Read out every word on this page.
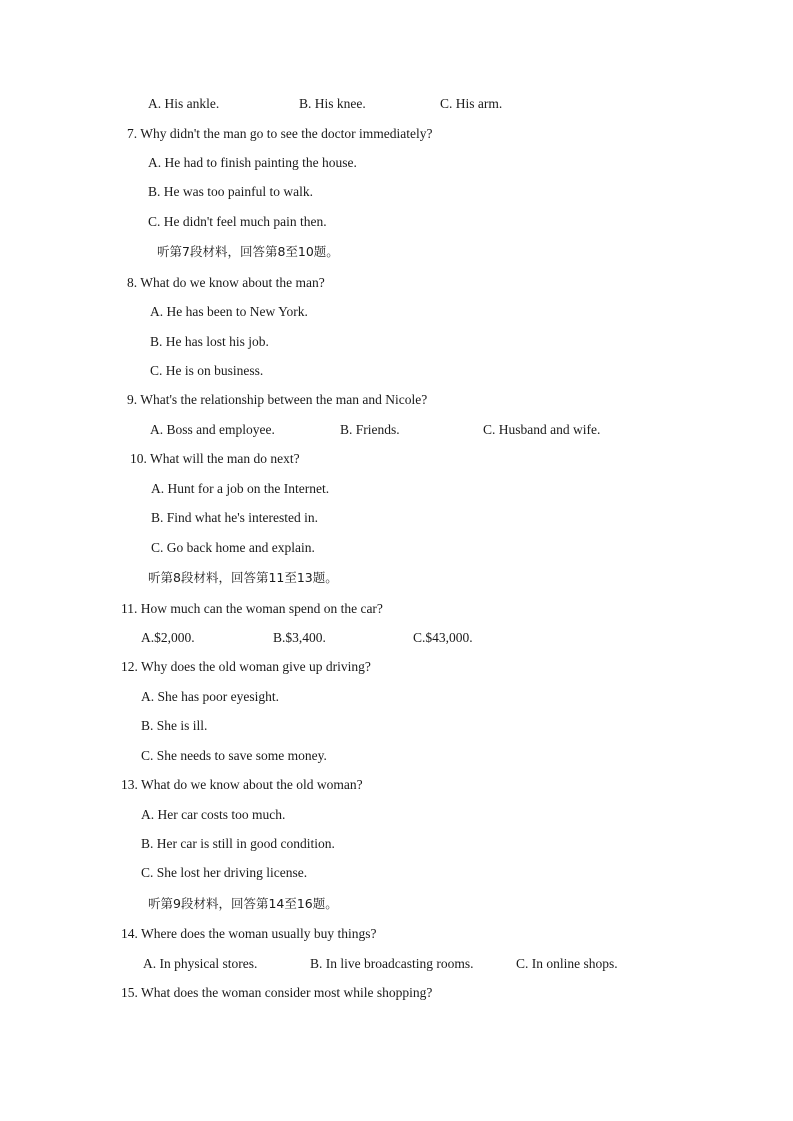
A. His ankle.	B. His knee.	C. His arm.
7. Why didn't the man go to see the doctor immediately?
A. He had to finish painting the house.
B. He was too painful to walk.
C. He didn't feel much pain then.
听第7段材料，回答第8至10题。
8. What do we know about the man?
A. He has been to New York.
B. He has lost his job.
C. He is on business.
9. What's the relationship between the man and Nicole?
A. Boss and employee.	B. Friends.	C. Husband and wife.
10. What will the man do next?
A. Hunt for a job on the Internet.
B. Find what he's interested in.
C. Go back home and explain.
听第8段材料，回答第11至13题。
11. How much can the woman spend on the car?
A.$2,000.	B.$3,400.	C.$43,000.
12. Why does the old woman give up driving?
A. She has poor eyesight.
B. She is ill.
C. She needs to save some money.
13. What do we know about the old woman?
A. Her car costs too much.
B. Her car is still in good condition.
C. She lost her driving license.
听第9段材料，回答第14至16题。
14. Where does the woman usually buy things?
A. In physical stores.	B. In live broadcasting rooms.	C. In online shops.
15. What does the woman consider most while shopping?
